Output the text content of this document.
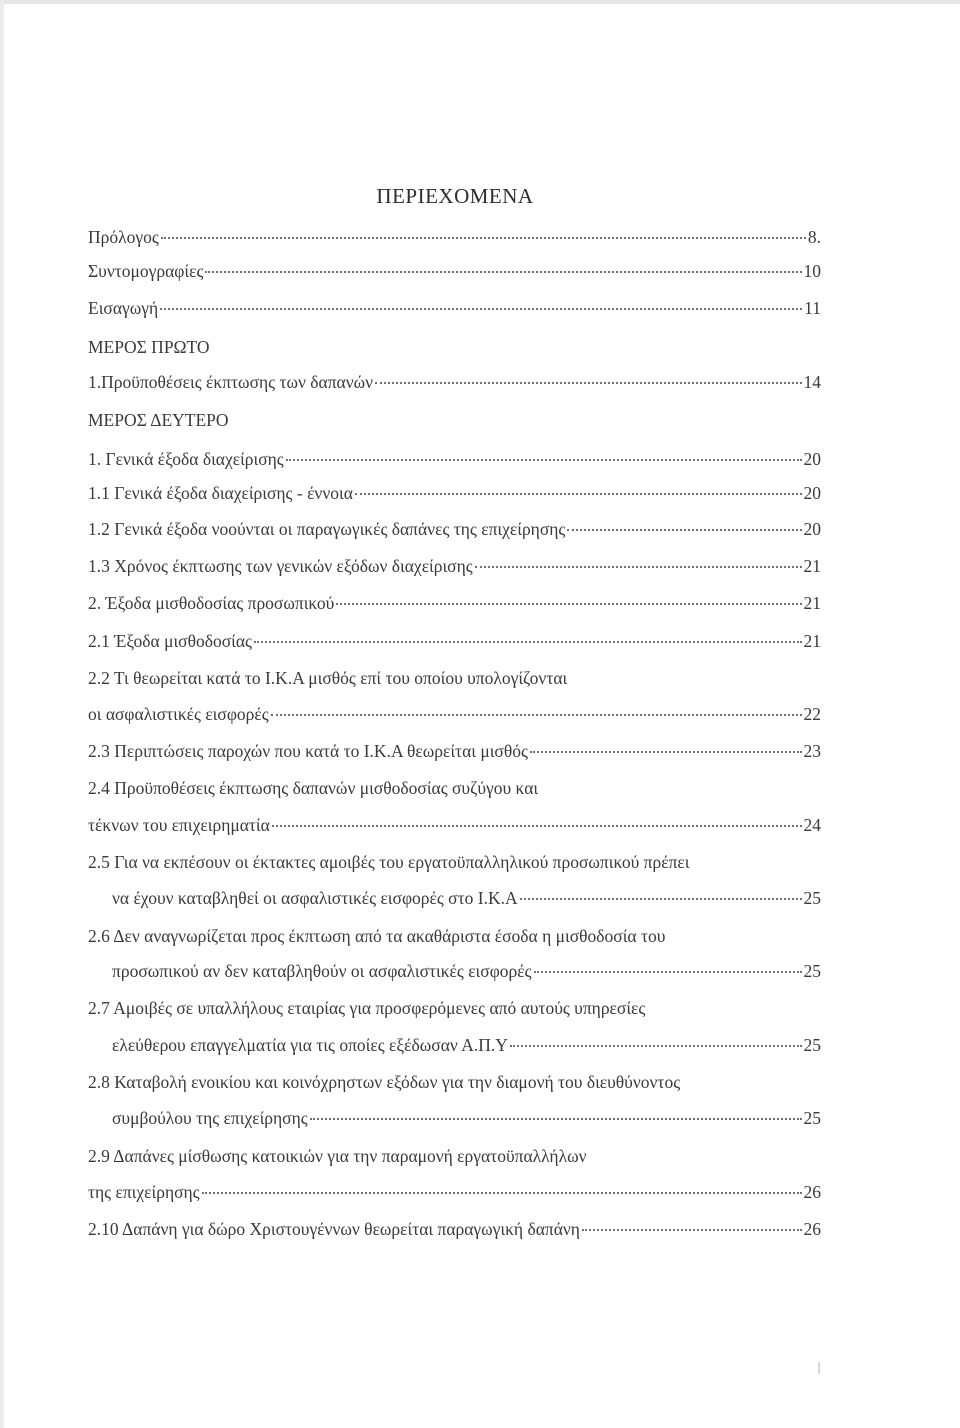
ΠΕΡΙΕΧΟΜΕΝΑ
Πρόλογος	8.
Συντομογραφίες	10
Εισαγωγή	11
ΜΕΡΟΣ ΠΡΩΤΟ
1.Προϋποθέσεις έκπτωσης των δαπανών	14
ΜΕΡΟΣ ΔΕΥΤΕΡΟ
1. Γενικά έξοδα διαχείρισης	20
1.1 Γενικά έξοδα διαχείρισης - έννοια	20
1.2 Γενικά έξοδα νοούνται οι παραγωγικές δαπάνες της επιχείρησης	20
1.3 Χρόνος έκπτωσης των γενικών εξόδων διαχείρισης	21
2. Έξοδα μισθοδοσίας προσωπικού	21
2.1 Έξοδα μισθοδοσίας	21
2.2 Τι θεωρείται κατά το Ι.Κ.Α μισθός επί του οποίου υπολογίζονται
οι ασφαλιστικές εισφορές	22
2.3 Περιπτώσεις παροχών που κατά το Ι.Κ.Α θεωρείται μισθός	23
2.4 Προϋποθέσεις έκπτωσης δαπανών μισθοδοσίας συζύγου και
τέκνων του επιχειρηματία	24
2.5 Για να εκπέσουν οι έκτακτες αμοιβές του εργατοϋπαλληλικού προσωπικού πρέπει
να έχουν καταβληθεί οι ασφαλιστικές εισφορές στο Ι.Κ.Α	25
2.6 Δεν αναγνωρίζεται προς έκπτωση από τα ακαθάριστα έσοδα η μισθοδοσία του
προσωπικού αν δεν καταβληθούν οι ασφαλιστικές εισφορές	25
2.7 Αμοιβές σε υπαλλήλους εταιρίας για προσφερόμενες από αυτούς υπηρεσίες
ελεύθερου επαγγελματία για τις οποίες εξέδωσαν Α.Π.Υ	25
2.8 Καταβολή ενοικίου και κοινόχρηστων εξόδων για την διαμονή του διευθύνοντος
συμβούλου της επιχείρησης	25
2.9 Δαπάνες μίσθωσης κατοικιών για την παραμονή εργατοϋπαλλήλων
της επιχείρησης	26
2.10 Δαπάνη για δώρο Χριστουγέννων θεωρείται παραγωγική δαπάνη	26
